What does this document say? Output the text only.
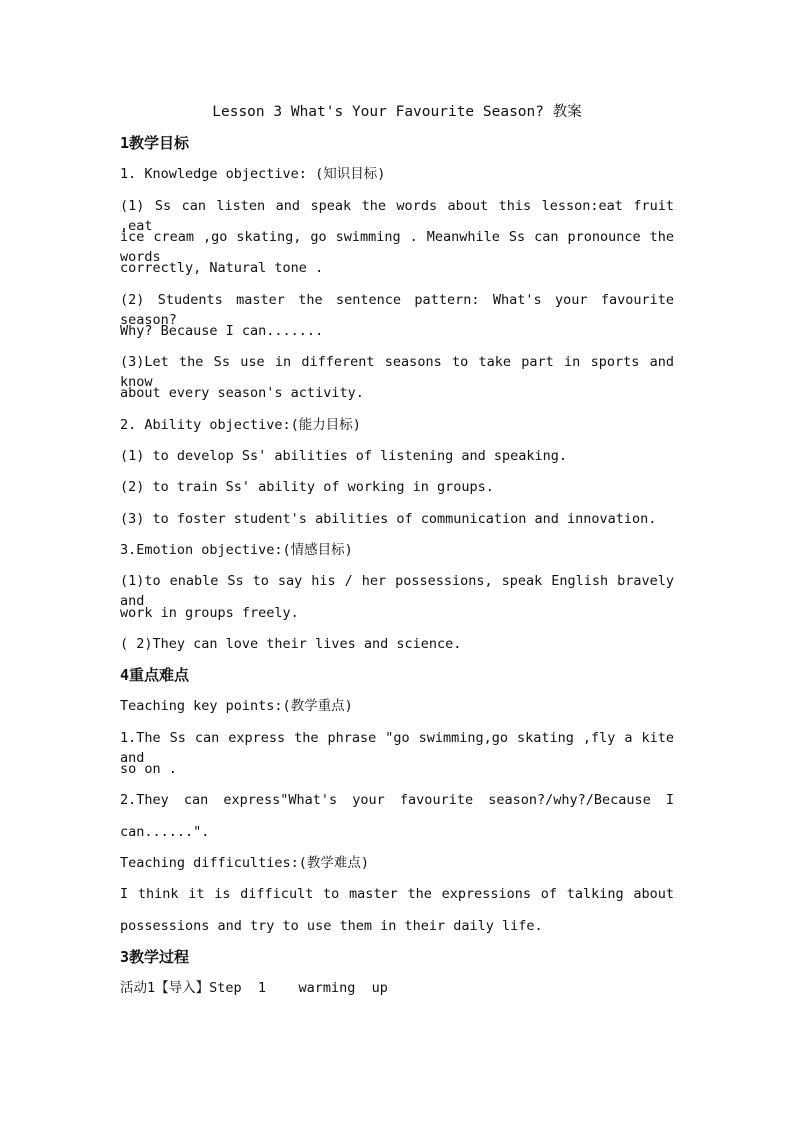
Lesson 3 What's Your Favourite Season? 教案
1教学目标
1. Knowledge objective: (知识目标)
(1) Ss can listen and speak the words about this lesson:eat fruit ,eat
ice cream ,go skating, go swimming . Meanwhile Ss can pronounce the words
correctly, Natural tone .
(2) Students master the sentence pattern: What's your favourite season?
Why? Because I can.......
(3)Let the Ss use in different seasons to take part in sports and know
about every season's activity.
2. Ability objective:(能力目标)
(1) to develop Ss' abilities of listening and speaking.
(2) to train Ss' ability of working in groups.
(3) to foster student's abilities of communication and innovation.
3.Emotion objective:(情感目标)
(1)to enable Ss to say his / her possessions, speak English bravely and
work in groups freely.
( 2)They can love their lives and science.
4重点难点
Teaching key points:(教学重点)
1.The Ss can express the phrase "go swimming,go skating ,fly a kite and
so on .
2.They can express"What's your favourite season?/why?/Because I
can......".
Teaching difficulties:(教学难点)
I think it is difficult to master the expressions of talking about
possessions and try to use them in their daily life.
3教学过程
活动1【导入】Step  1    warming  up
